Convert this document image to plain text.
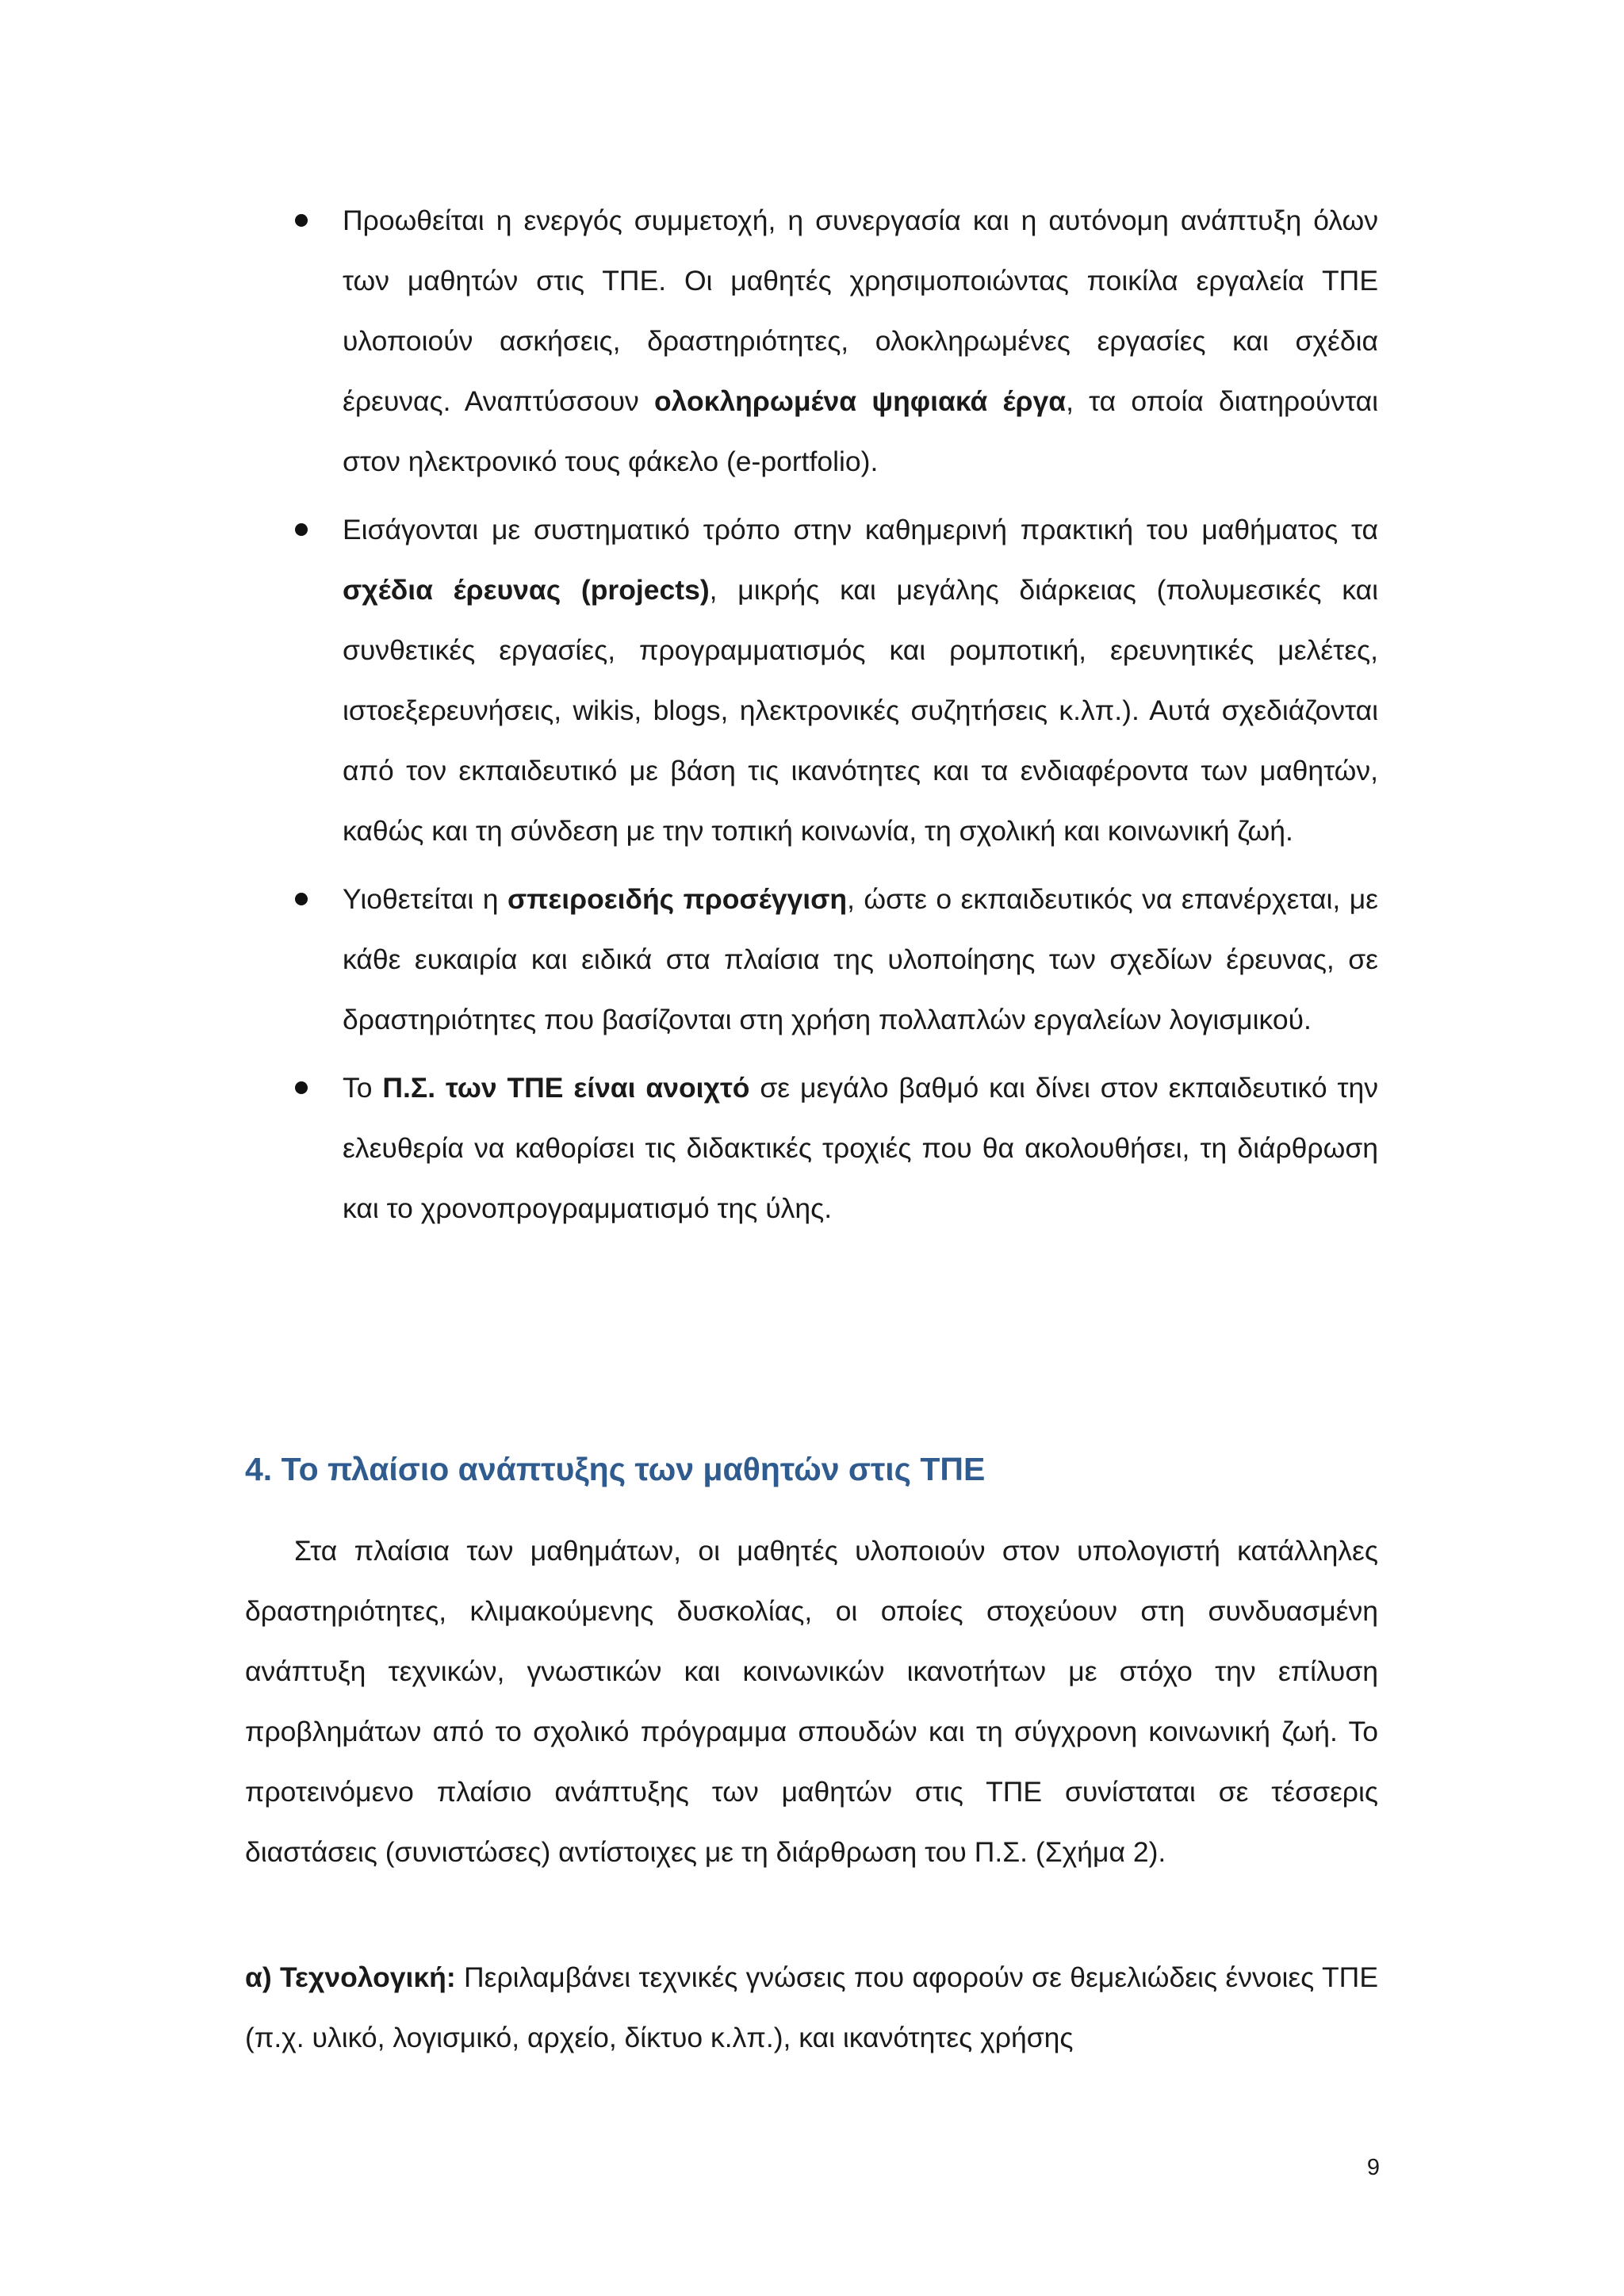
Προωθείται η ενεργός συμμετοχή, η συνεργασία και η αυτόνομη ανάπτυξη όλων των μαθητών στις ΤΠΕ. Οι μαθητές χρησιμοποιώντας ποικίλα εργαλεία ΤΠΕ υλοποιούν ασκήσεις, δραστηριότητες, ολοκληρωμένες εργασίες και σχέδια έρευνας. Αναπτύσσουν ολοκληρωμένα ψηφιακά έργα, τα οποία διατηρούνται στον ηλεκτρονικό τους φάκελο (e-portfolio).

Εισάγονται με συστηματικό τρόπο στην καθημερινή πρακτική του μαθήματος τα σχέδια έρευνας (projects), μικρής και μεγάλης διάρκειας (πολυμεσικές και συνθετικές εργασίες, προγραμματισμός και ρομποτική, ερευνητικές μελέτες, ιστοεξερευνήσεις, wikis, blogs, ηλεκτρονικές συζητήσεις κ.λπ.). Αυτά σχεδιάζονται από τον εκπαιδευτικό με βάση τις ικανότητες και τα ενδιαφέροντα των μαθητών, καθώς και τη σύνδεση με την τοπική κοινωνία, τη σχολική και κοινωνική ζωή.

Υιοθετείται η σπειροειδής προσέγγιση, ώστε ο εκπαιδευτικός να επανέρχεται, με κάθε ευκαιρία και ειδικά στα πλαίσια της υλοποίησης των σχεδίων έρευνας, σε δραστηριότητες που βασίζονται στη χρήση πολλαπλών εργαλείων λογισμικού.

Το Π.Σ. των ΤΠΕ είναι ανοιχτό σε μεγάλο βαθμό και δίνει στον εκπαιδευτικό την ελευθερία να καθορίσει τις διδακτικές τροχιές που θα ακολουθήσει, τη διάρθρωση και το χρονοπρογραμματισμό της ύλης.

4. Το πλαίσιο ανάπτυξης των μαθητών στις ΤΠΕ

Στα πλαίσια των μαθημάτων, οι μαθητές υλοποιούν στον υπολογιστή κατάλληλες δραστηριότητες, κλιμακούμενης δυσκολίας, οι οποίες στοχεύουν στη συνδυασμένη ανάπτυξη τεχνικών, γνωστικών και κοινωνικών ικανοτήτων με στόχο την επίλυση προβλημάτων από το σχολικό πρόγραμμα σπουδών και τη σύγχρονη κοινωνική ζωή. Το προτεινόμενο πλαίσιο ανάπτυξης των μαθητών στις ΤΠΕ συνίσταται σε τέσσερις διαστάσεις (συνιστώσες) αντίστοιχες με τη διάρθρωση του Π.Σ. (Σχήμα 2).

α) Τεχνολογική: Περιλαμβάνει τεχνικές γνώσεις που αφορούν σε θεμελιώδεις έννοιες ΤΠΕ (π.χ. υλικό, λογισμικό, αρχείο, δίκτυο κ.λπ.), και ικανότητες χρήσης

9
